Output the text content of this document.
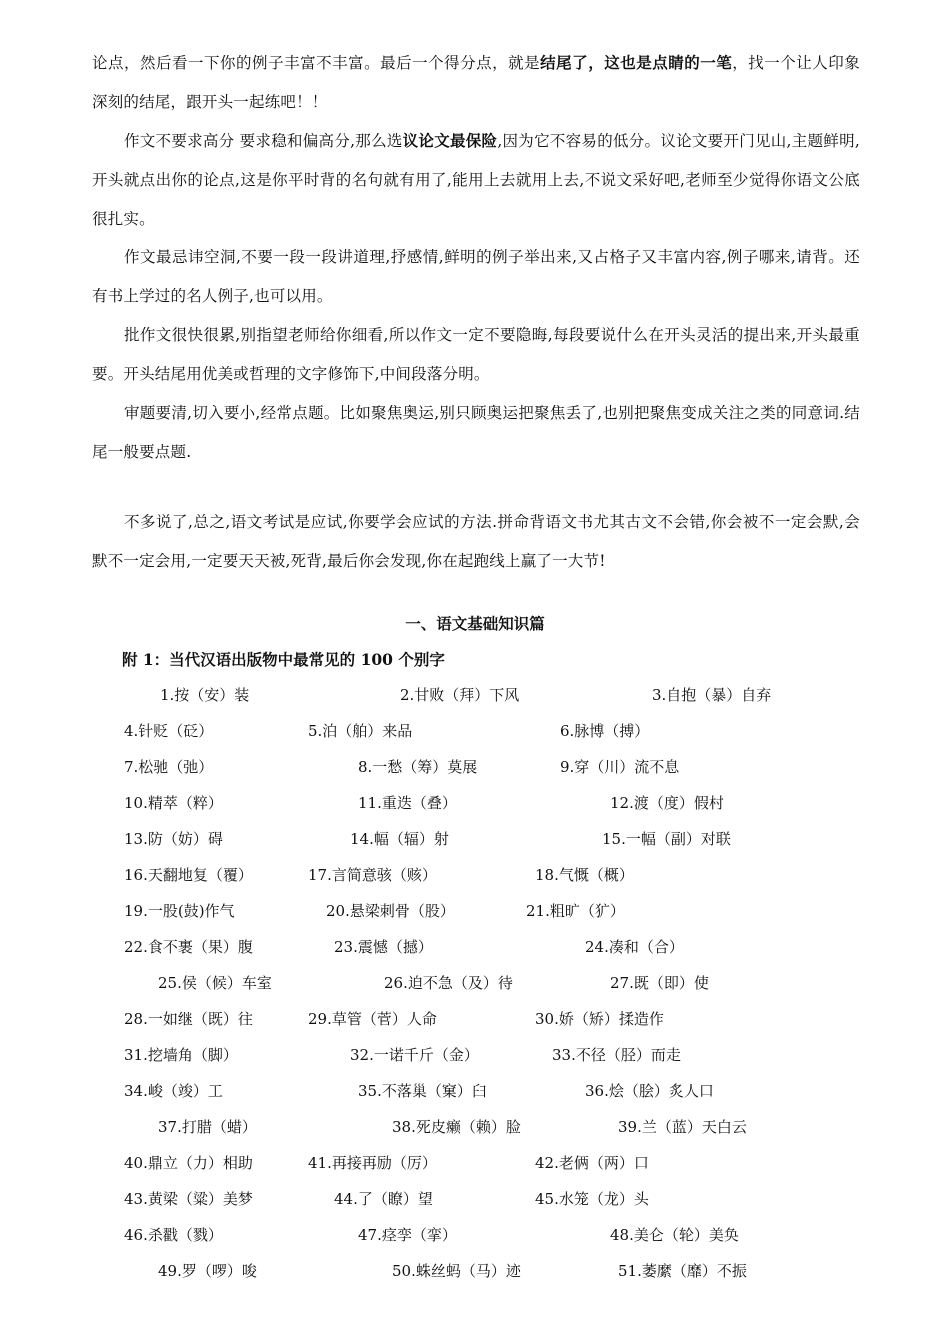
论点，然后看一下你的例子丰富不丰富。最后一个得分点，就是结尾了，这也是点睛的一笔，找一个让人印象深刻的结尾，跟开头一起练吧！！
作文不要求高分 要求稳和偏高分,那么选议论文最保险,因为它不容易的低分。议论文要开门见山,主题鲜明,开头就点出你的论点,这是你平时背的名句就有用了,能用上去就用上去,不说文采好吧,老师至少觉得你语文公底很扎实。
作文最忌讳空洞,不要一段一段讲道理,抒感情,鲜明的例子举出来,又占格子又丰富内容,例子哪来,请背。还有书上学过的名人例子,也可以用。
批作文很快很累,别指望老师给你细看,所以作文一定不要隐晦,每段要说什么在开头灵活的提出来,开头最重要。开头结尾用优美或哲理的文字修饰下,中间段落分明。
审题要清,切入要小,经常点题。比如聚焦奥运,别只顾奥运把聚焦丢了,也别把聚焦变成关注之类的同意词.结尾一般要点题.
不多说了,总之,语文考试是应试,你要学会应试的方法.拼命背语文书尤其古文不会错,你会被不一定会默,会默不一定会用,一定要天天被,死背,最后你会发现,你在起跑线上赢了一大节!
一、语文基础知识篇
附 1：当代汉语出版物中最常见的 100 个别字
1.按（安）装	2.甘败（拜）下风	3.自抱（暴）自弃
4.针贬（砭）	5.泊（舶）来品	6.脉博（搏）
7.松驰（弛）	8.一愁（筹）莫展	9.穿（川）流不息
10.精萃（粹）	11.重迭（叠）	12.渡（度）假村
13.防（妨）碍	14.幅（辐）射	15.一幅（副）对联
16.天翻地复（覆）	17.言简意骇（赅）	18.气慨（概）
19.一股(鼓)作气	20.悬梁刺骨（股）	21.粗旷（犷）
22.食不裹（果）腹	23.震憾（撼）	24.凑和（合）
25.侯（候）车室	26.迫不急（及）待	27.既（即）使
28.一如继（既）往	29.草管（菅）人命	30.娇（矫）揉造作
31.挖墙角（脚）	32.一诺千斤（金）	33.不径（胫）而走
34.峻（竣）工	35.不落巢（窠）臼	36.烩（脍）炙人口
37.打腊（蜡）	38.死皮癞（赖）脸	39.兰（蓝）天白云
40.鼎立（力）相助	41.再接再励（厉）	42.老俩（两）口
43.黄梁（粱）美梦	44.了（瞭）望	45.水笼（龙）头
46.杀戳（戮）	47.痉孪（挛）	48.美仑（轮）美奂
49.罗（啰）唆	50.蛛丝蚂（马）迹	51.萎縻（靡）不振
